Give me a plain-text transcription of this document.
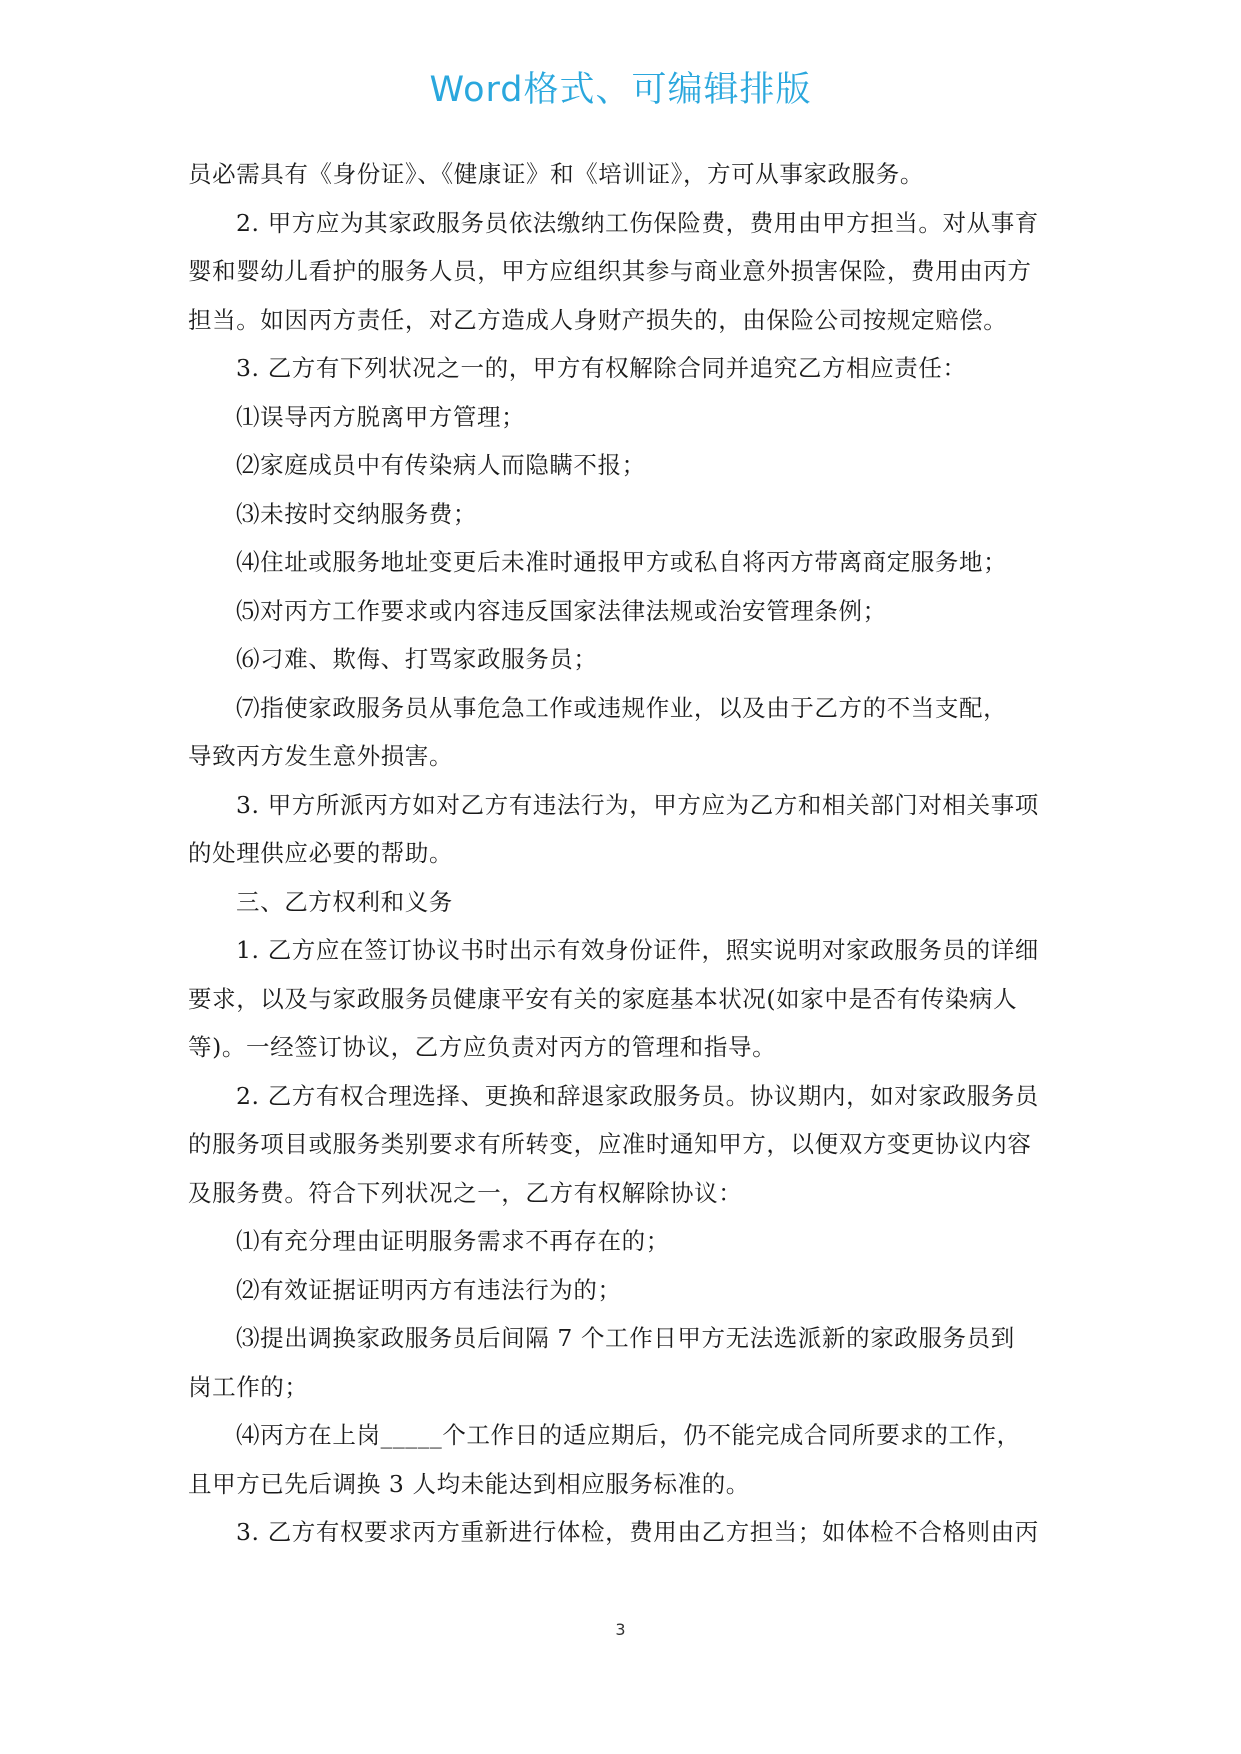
Word格式、可编辑排版
员必需具有《身份证》、《健康证》和《培训证》，方可从事家政服务。
2. 甲方应为其家政服务员依法缴纳工伤保险费，费用由甲方担当。对从事育
婴和婴幼儿看护的服务人员，甲方应组织其参与商业意外损害保险，费用由丙方
担当。如因丙方责任，对乙方造成人身财产损失的，由保险公司按规定赔偿。
3. 乙方有下列状况之一的，甲方有权解除合同并追究乙方相应责任：
⑴误导丙方脱离甲方管理；
⑵家庭成员中有传染病人而隐瞒不报；
⑶未按时交纳服务费；
⑷住址或服务地址变更后未准时通报甲方或私自将丙方带离商定服务地；
⑸对丙方工作要求或内容违反国家法律法规或治安管理条例；
⑹刁难、欺侮、打骂家政服务员；
⑺指使家政服务员从事危急工作或违规作业，以及由于乙方的不当支配，
导致丙方发生意外损害。
3. 甲方所派丙方如对乙方有违法行为，甲方应为乙方和相关部门对相关事项
的处理供应必要的帮助。
三、乙方权利和义务
1. 乙方应在签订协议书时出示有效身份证件，照实说明对家政服务员的详细
要求，以及与家政服务员健康平安有关的家庭基本状况(如家中是否有传染病人
等)。一经签订协议，乙方应负责对丙方的管理和指导。
2. 乙方有权合理选择、更换和辞退家政服务员。协议期内，如对家政服务员
的服务项目或服务类别要求有所转变，应准时通知甲方，以便双方变更协议内容
及服务费。符合下列状况之一，乙方有权解除协议：
⑴有充分理由证明服务需求不再存在的；
⑵有效证据证明丙方有违法行为的；
⑶提出调换家政服务员后间隔 7 个工作日甲方无法选派新的家政服务员到
岗工作的；
⑷丙方在上岗_____个工作日的适应期后，仍不能完成合同所要求的工作，
且甲方已先后调换 3 人均未能达到相应服务标准的。
3. 乙方有权要求丙方重新进行体检，费用由乙方担当；如体检不合格则由丙
3
